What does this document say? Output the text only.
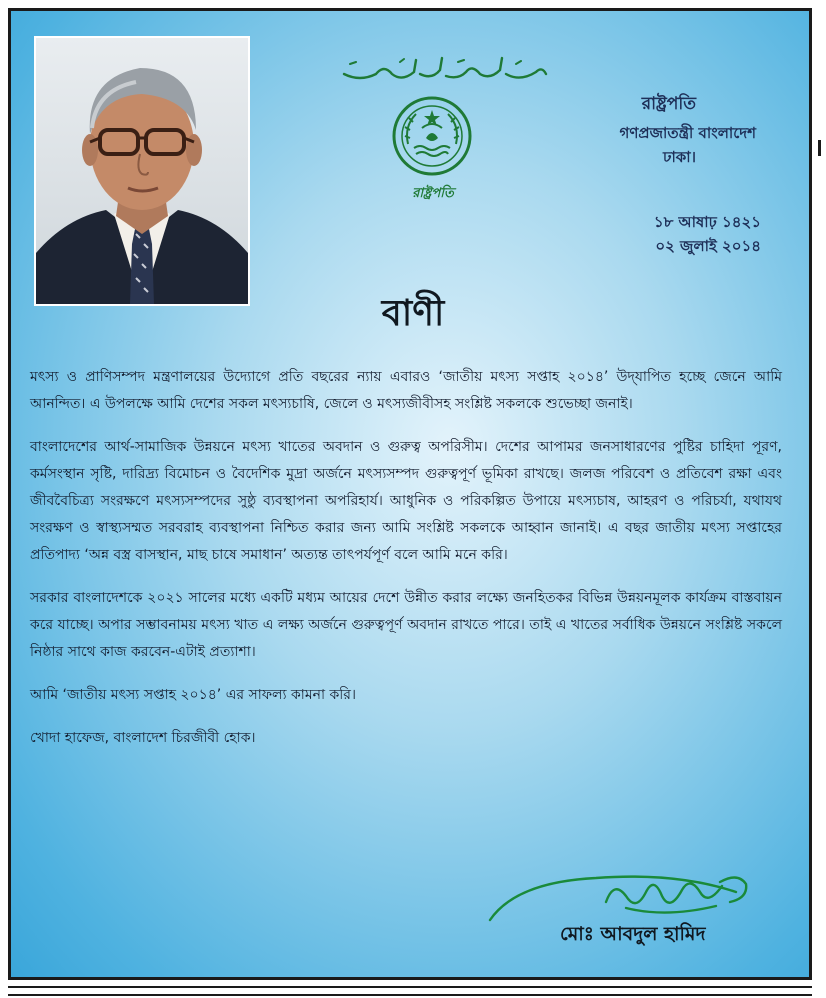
রাষ্ট্রপতি
রাষ্ট্রপতি
গণপ্রজাতন্ত্রী বাংলাদেশ
ঢাকা।
১৮ আষাঢ় ১৪২১
০২ জুলাই ২০১৪
বাণী

মৎস্য ও প্রাণিসম্পদ মন্ত্রণালয়ের উদ্যোগে প্রতি বছরের ন্যায় এবারও ‘জাতীয় মৎস্য সপ্তাহ ২০১৪’ উদ্‌যাপিত হচ্ছে জেনে আমি আনন্দিত। এ উপলক্ষে আমি দেশের সকল মৎস্যচাষি, জেলে ও মৎস্যজীবীসহ সংশ্লিষ্ট সকলকে শুভেচ্ছা জনাই।

বাংলাদেশের আর্থ-সামাজিক উন্নয়নে মৎস্য খাতের অবদান ও গুরুত্ব অপরিসীম। দেশের আপামর জনসাধারণের পুষ্টির চাহিদা পূরণ, কর্মসংস্থান সৃষ্টি, দারিদ্র্য বিমোচন ও বৈদেশিক মুদ্রা অর্জনে মৎস্যসম্পদ গুরুত্বপূর্ণ ভূমিকা রাখছে। জলজ পরিবেশ ও প্রতিবেশ রক্ষা এবং জীববৈচিত্র্য সংরক্ষণে মৎস্যসম্পদের সুষ্ঠু ব্যবস্থাপনা অপরিহার্য। আধুনিক ও পরিকল্পিত উপায়ে মৎস্যচাষ, আহরণ ও পরিচর্যা, যথাযথ সংরক্ষণ ও স্বাস্থ্যসম্মত সরবরাহ ব্যবস্থাপনা নিশ্চিত করার জন্য আমি সংশ্লিষ্ট সকলকে আহ্বান জানাই। এ বছর জাতীয় মৎস্য সপ্তাহের প্রতিপাদ্য ‘অন্ন বস্ত্র বাসস্থান, মাছ চাষে সমাধান’ অত্যন্ত তাৎপর্যপূর্ণ বলে আমি মনে করি।

সরকার বাংলাদেশকে ২০২১ সালের মধ্যে একটি মধ্যম আয়ের দেশে উন্নীত করার লক্ষ্যে জনহিতকর বিভিন্ন উন্নয়নমূলক কার্যক্রম বাস্তবায়ন করে যাচ্ছে। অপার সম্ভাবনাময় মৎস্য খাত এ লক্ষ্য অর্জনে গুরুত্বপূর্ণ অবদান রাখতে পারে। তাই এ খাতের সর্বাধিক উন্নয়নে সংশ্লিষ্ট সকলে নিষ্ঠার সাথে কাজ করবেন-এটাই প্রত্যাশা।

আমি ‘জাতীয় মৎস্য সপ্তাহ ২০১৪’ এর সাফল্য কামনা করি।

খোদা হাফেজ, বাংলাদেশ চিরজীবী হোক।

মোঃ আবদুল হামিদ
